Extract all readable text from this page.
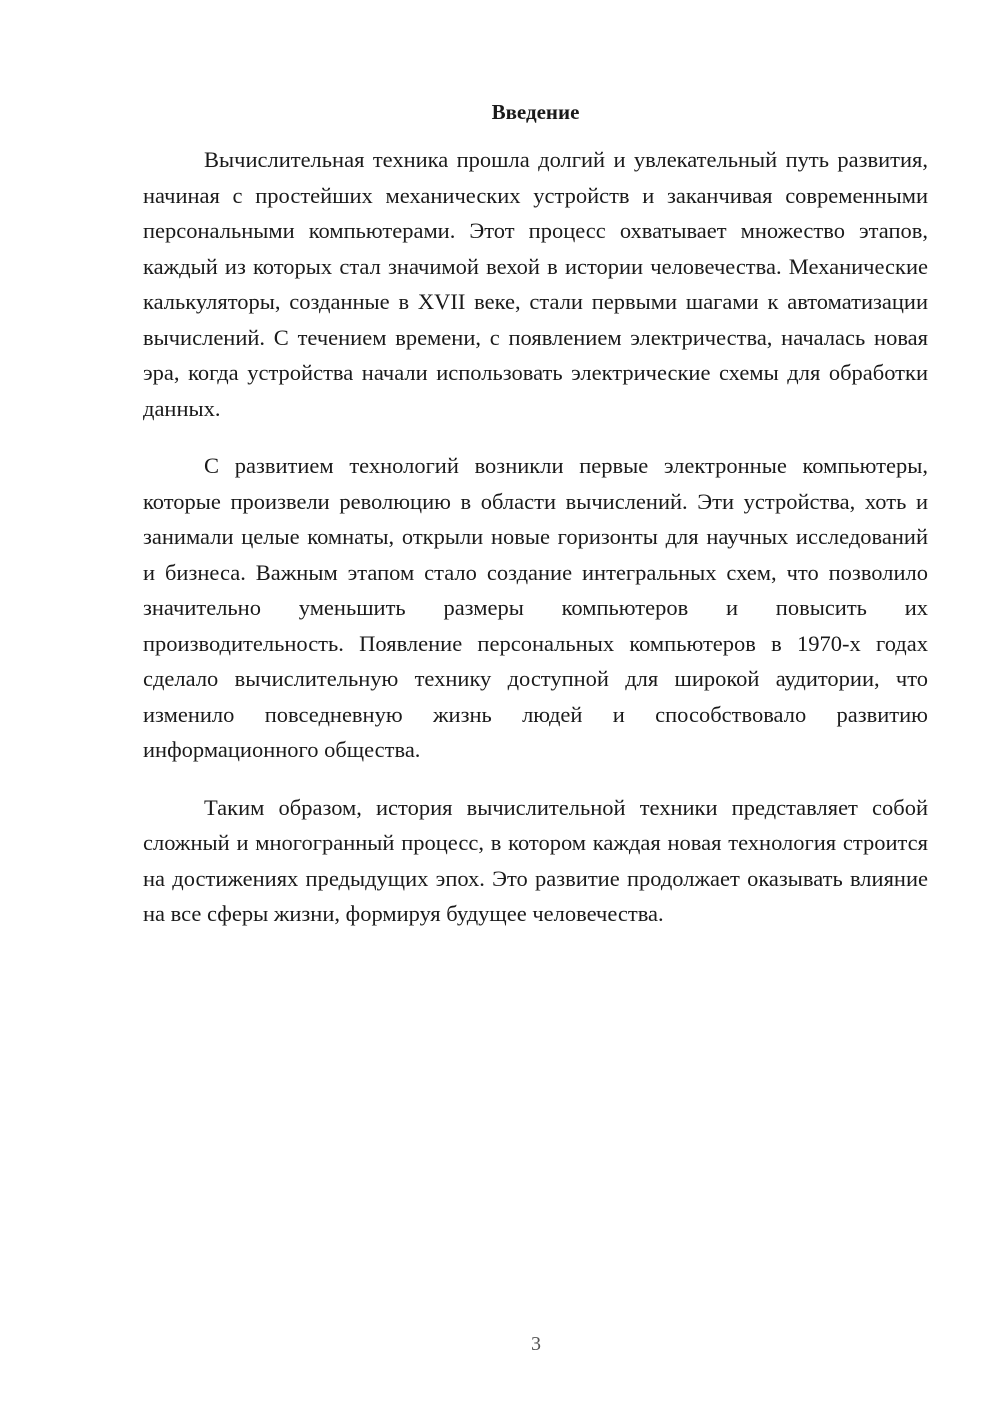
Введение

Вычислительная техника прошла долгий и увлекательный путь развития, начиная с простейших механических устройств и заканчивая современными персональными компьютерами. Этот процесс охватывает множество этапов, каждый из которых стал значимой вехой в истории человечества. Механические калькуляторы, созданные в XVII веке, стали первыми шагами к автоматизации вычислений. С течением времени, с появлением электричества, началась новая эра, когда устройства начали использовать электрические схемы для обработки данных.

С развитием технологий возникли первые электронные компьютеры, которые произвели революцию в области вычислений. Эти устройства, хоть и занимали целые комнаты, открыли новые горизонты для научных исследований и бизнеса. Важным этапом стало создание интегральных схем, что позволило значительно уменьшить размеры компьютеров и повысить их производительность. Появление персональных компьютеров в 1970-х годах сделало вычислительную технику доступной для широкой аудитории, что изменило повседневную жизнь людей и способствовало развитию информационного общества.

Таким образом, история вычислительной техники представляет собой сложный и многогранный процесс, в котором каждая новая технология строится на достижениях предыдущих эпох. Это развитие продолжает оказывать влияние на все сферы жизни, формируя будущее человечества.

3
